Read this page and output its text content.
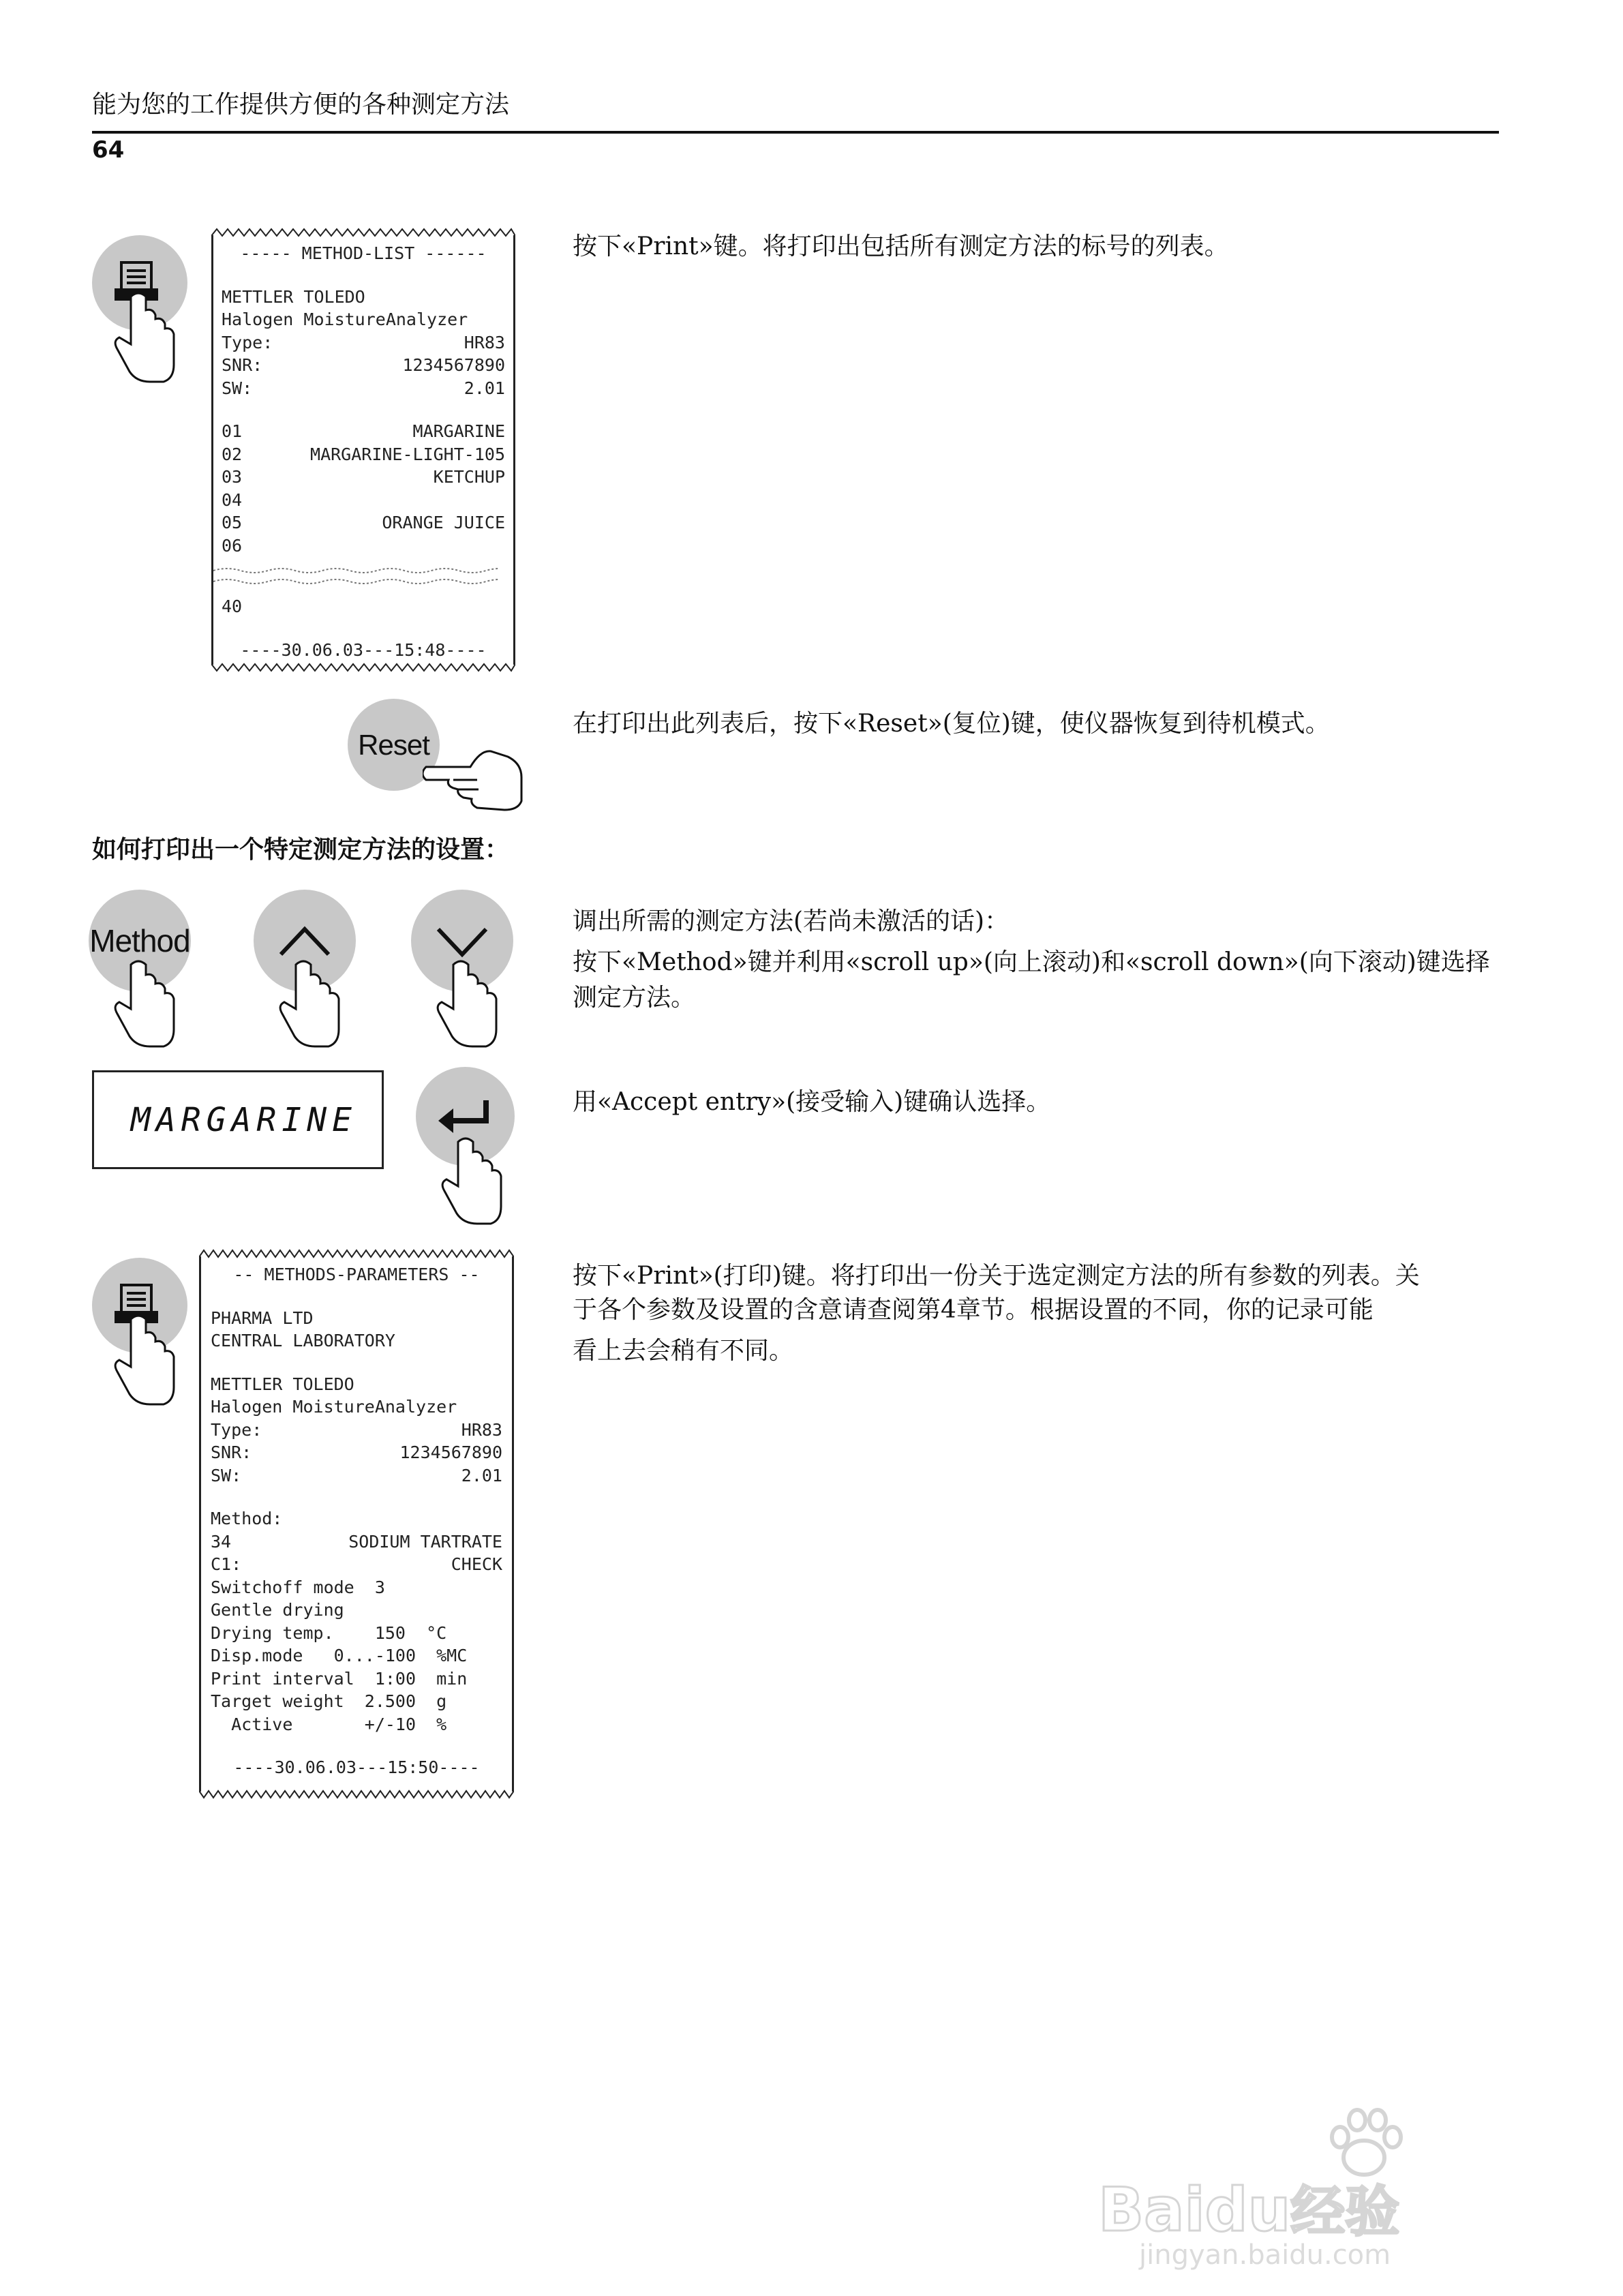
能为您的工作提供方便的各种测定方法
64
----- METHOD-LIST ------
METTLER TOLEDO
Halogen MoistureAnalyzer
Type:	HR83
SNR:	1234567890
SW:	2.01
01	MARGARINE
02	MARGARINE-LIGHT-105
03	KETCHUP
04
05	ORANGE JUICE
06
40
----30.06.03---15:48----
按下«Print»键。将打印出包括所有测定方法的标号的列表。
Reset
在打印出此列表后，按下«Reset»(复位)键，使仪器恢复到待机模式。
如何打印出一个特定测定方法的设置：
Method
调出所需的测定方法(若尚未激活的话)：
按下«Method»键并利用«scroll up»(向上滚动)和«scroll down»(向下滚动)键选择
测定方法。
MARGARINE	用«Accept entry»(接受输入)键确认选择。
-- METHODS-PARAMETERS --
PHARMA LTD
CENTRAL LABORATORY
METTLER TOLEDO
Halogen MoistureAnalyzer
Type:	HR83
SNR:	1234567890
SW:	2.01
Method:
34	SODIUM TARTRATE
C1:	CHECK
Switchoff mode  3
Gentle drying
Drying temp.    150  °C
Disp.mode   0...-100  %MC
Print interval  1:00  min
Target weight  2.500  g
Active       +/-10  %
----30.06.03---15:50----
按下«Print»(打印)键。将打印出一份关于选定测定方法的所有参数的列表。关
于各个参数及设置的含意请查阅第4章节。根据设置的不同，你的记录可能
看上去会稍有不同。
Baidu经验
jingyan.baidu.com
